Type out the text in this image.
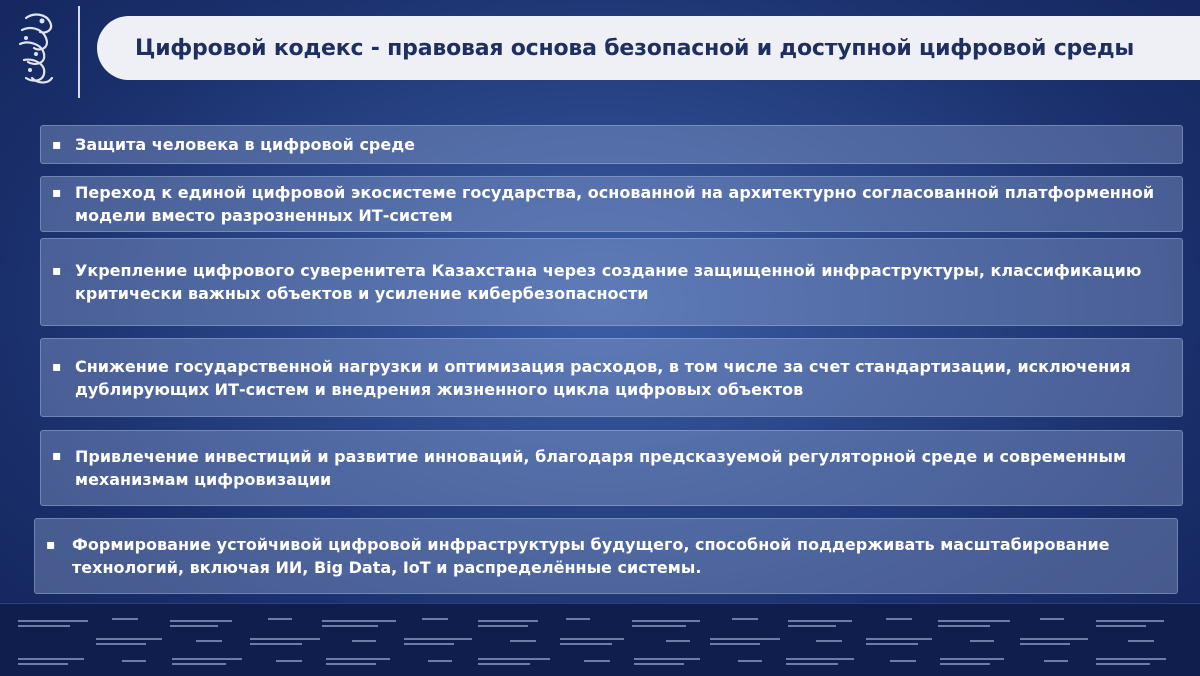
Цифровой кодекс - правовая основа безопасной и доступной цифровой среды
▪ Защита человека в цифровой среде
▪ Переход к единой цифровой экосистеме государства, основанной на архитектурно согласованной платформенной модели вместо разрозненных ИТ-систем
▪ Укрепление цифрового суверенитета Казахстана через создание защищенной инфраструктуры, классификацию критически важных объектов и усиление кибербезопасности
▪ Снижение государственной нагрузки и оптимизация расходов, в том числе за счет стандартизации, исключения дублирующих ИТ-систем и внедрения жизненного цикла цифровых объектов
▪ Привлечение инвестиций и развитие инноваций, благодаря предсказуемой регуляторной среде и современным механизмам цифровизации
▪ Формирование устойчивой цифровой инфраструктуры будущего, способной поддерживать масштабирование технологий, включая ИИ, Big Data, IoT и распределённые системы.
